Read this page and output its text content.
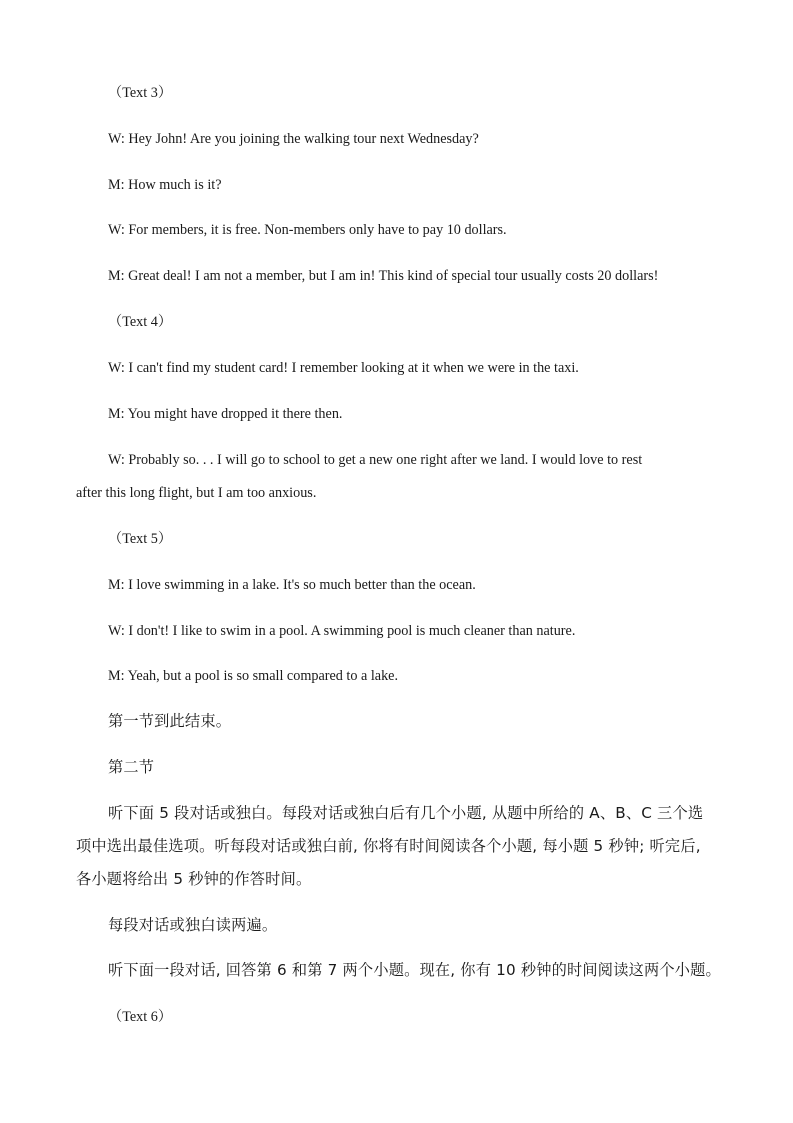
（Text 3）
W: Hey John! Are you joining the walking tour next Wednesday?
M: How much is it?
W: For members, it is free. Non-members only have to pay 10 dollars.
M: Great deal! I am not a member, but I am in! This kind of special tour usually costs 20 dollars!
（Text 4）
W: I can't find my student card! I remember looking at it when we were in the taxi.
M: You might have dropped it there then.
W: Probably so. . . I will go to school to get a new one right after we land. I would love to rest
after this long flight, but I am too anxious.
（Text 5）
M: I love swimming in a lake. It's so much better than the ocean.
W: I don't! I like to swim in a pool. A swimming pool is much cleaner than nature.
M: Yeah, but a pool is so small compared to a lake.
第一节到此结束。
第二节
听下面 5 段对话或独白。每段对话或独白后有几个小题, 从题中所给的 A、B、C 三个选
项中选出最佳选项。听每段对话或独白前, 你将有时间阅读各个小题, 每小题 5 秒钟; 听完后,
各小题将给出 5 秒钟的作答时间。
每段对话或独白读两遍。
听下面一段对话, 回答第 6 和第 7 两个小题。现在, 你有 10 秒钟的时间阅读这两个小题。
（Text 6）
